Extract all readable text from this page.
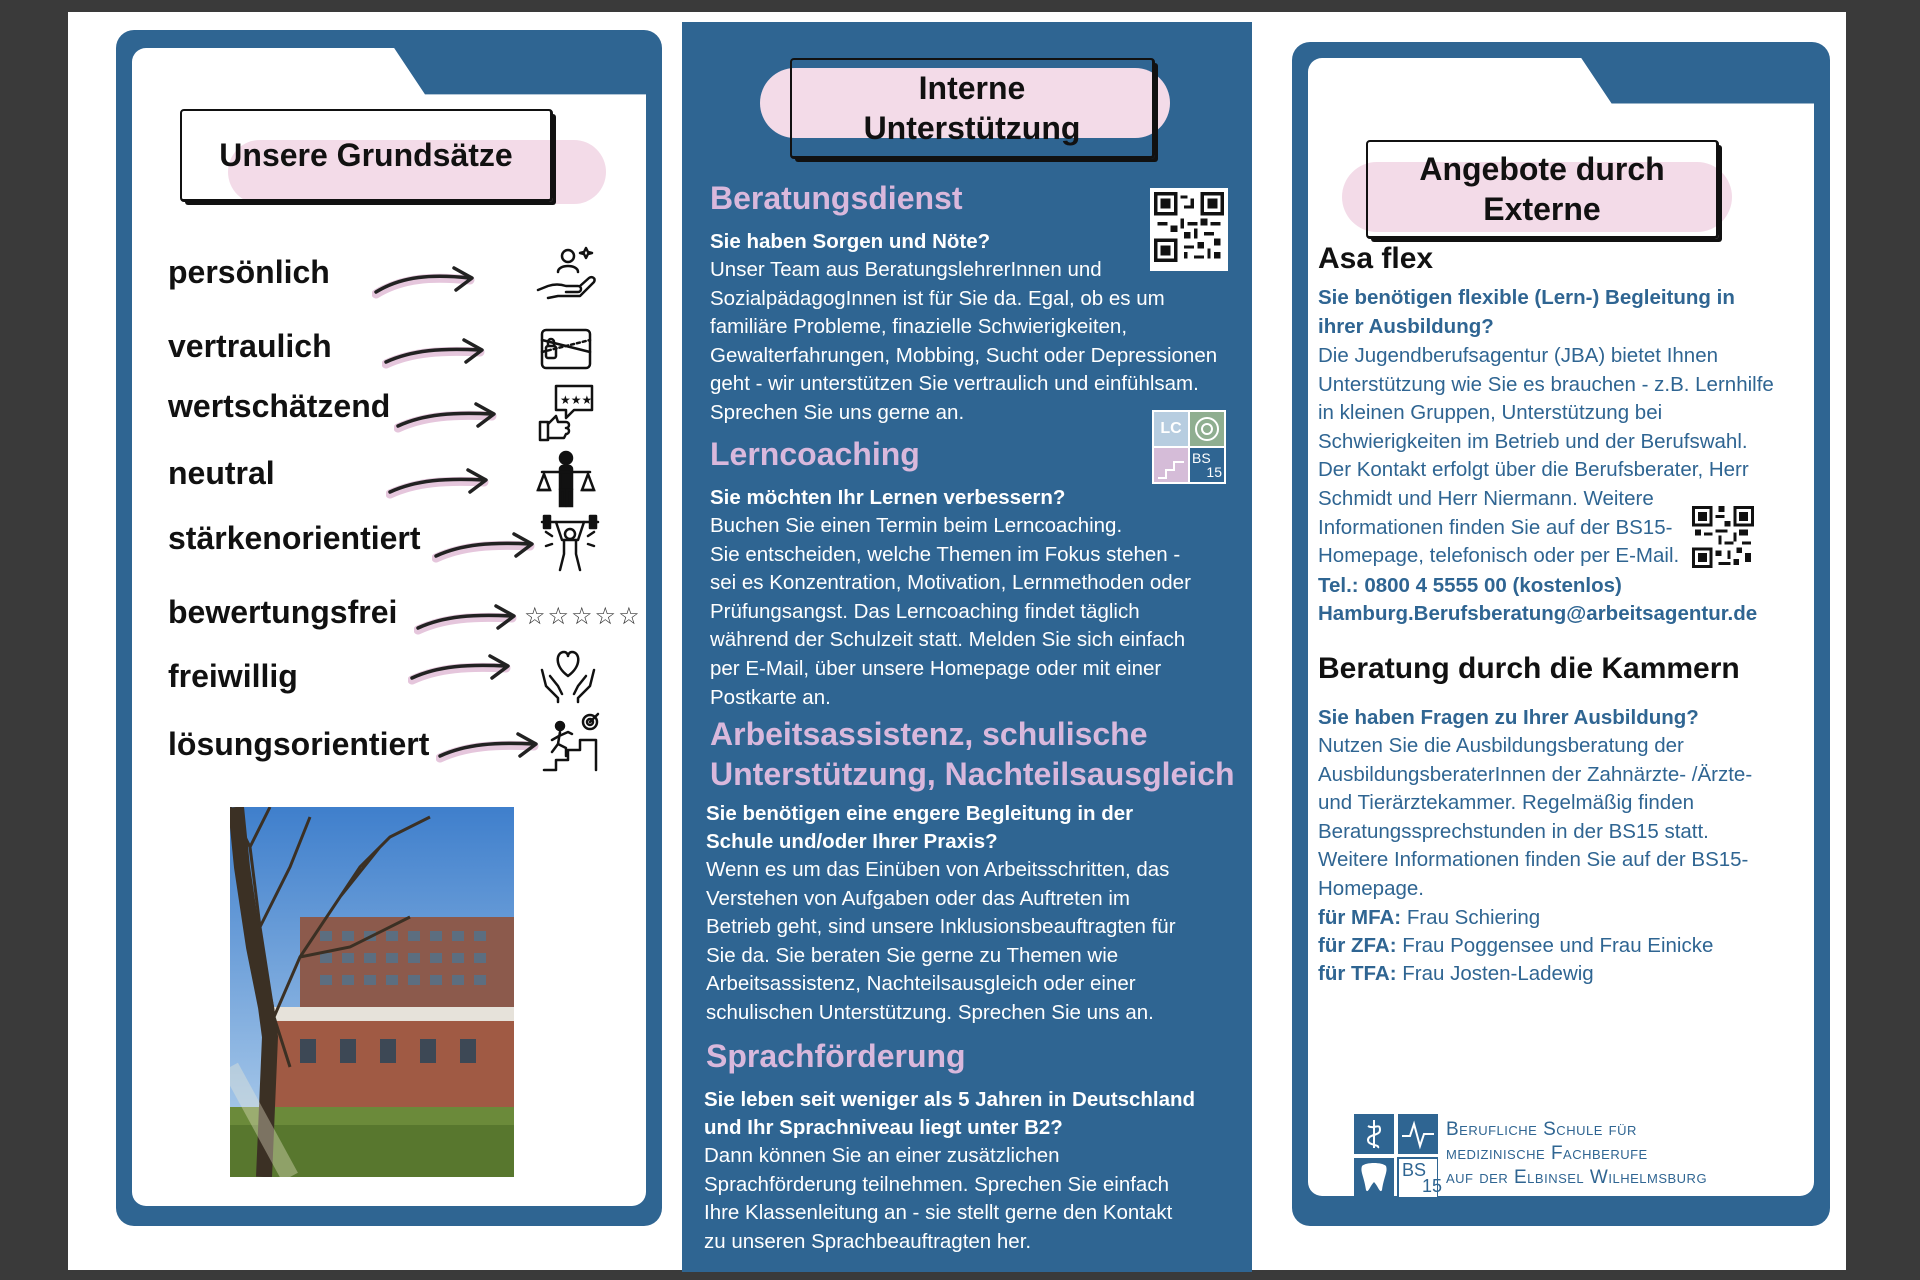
Unsere Grundsätze
persönlich
vertraulich
wertschätzend
neutral
stärkenorientiert
bewertungsfrei
freiwillig
lösungsorientiert
★★★
☆☆☆☆☆
Interne
Unterstützung
Beratungsdienst
Sie haben Sorgen und Nöte?
Unser Team aus BeratungslehrerInnen und
SozialpädagogInnen ist für Sie da. Egal, ob es um
familiäre Probleme, finazielle Schwierigkeiten,
Gewalterfahrungen, Mobbing, Sucht oder Depressionen
geht - wir unterstützen Sie vertraulich und einfühlsam.
Sprechen Sie uns gerne an.
LC
BS
15
Lerncoaching
Sie möchten Ihr Lernen verbessern?
Buchen Sie einen Termin beim Lerncoaching.
Sie entscheiden, welche Themen im Fokus stehen -
sei es Konzentration, Motivation, Lernmethoden oder
Prüfungsangst. Das Lerncoaching findet täglich
während der Schulzeit statt. Melden Sie sich einfach
per E-Mail, über unsere Homepage oder mit einer
Postkarte an.
Arbeitsassistenz, schulische
Unterstützung, Nachteilsausgleich
Sie benötigen eine engere Begleitung in der
Schule und/oder Ihrer Praxis?
Wenn es um das Einüben von Arbeitsschritten, das
Verstehen von Aufgaben oder das Auftreten im
Betrieb geht, sind unsere Inklusionsbeauftragten für
Sie da. Sie beraten Sie gerne zu Themen wie
Arbeitsassistenz, Nachteilsausgleich oder einer
schulischen Unterstützung. Sprechen Sie uns an.
Sprachförderung
Sie leben seit weniger als 5 Jahren in Deutschland
und Ihr Sprachniveau liegt unter B2?
Dann können Sie an einer zusätzlichen
Sprachförderung teilnehmen. Sprechen Sie einfach
Ihre Klassenleitung an - sie stellt gerne den Kontakt
zu unseren Sprachbeauftragten her.
Angebote durch
Externe
Asa flex
Sie benötigen flexible (Lern-) Begleitung in
ihrer Ausbildung?
Die Jugendberufsagentur (JBA) bietet Ihnen
Unterstützung wie Sie es brauchen - z.B. Lernhilfe
in kleinen Gruppen, Unterstützung bei
Schwierigkeiten im Betrieb und der Berufswahl.
Der Kontakt erfolgt über die Berufsberater, Herr
Schmidt und Herr Niermann. Weitere
Informationen finden Sie auf der BS15-
Homepage, telefonisch oder per E-Mail.
Tel.: 0800 4 5555 00 (kostenlos)
Hamburg.Berufsberatung@arbeitsagentur.de
Beratung durch die Kammern
Sie haben Fragen zu Ihrer Ausbildung?
Nutzen Sie die Ausbildungsberatung der
AusbildungsberaterInnen der Zahnärzte- /Ärzte-
und Tierärztekammer. Regelmäßig finden
Beratungssprechstunden in der BS15 statt.
Weitere Informationen finden Sie auf der BS15-
Homepage.
für MFA: Frau Schiering
für ZFA: Frau Poggensee und Frau Einicke
für TFA: Frau Josten-Ladewig
BS
15
Berufliche Schule für
medizinische Fachberufe
auf der Elbinsel Wilhelmsburg
